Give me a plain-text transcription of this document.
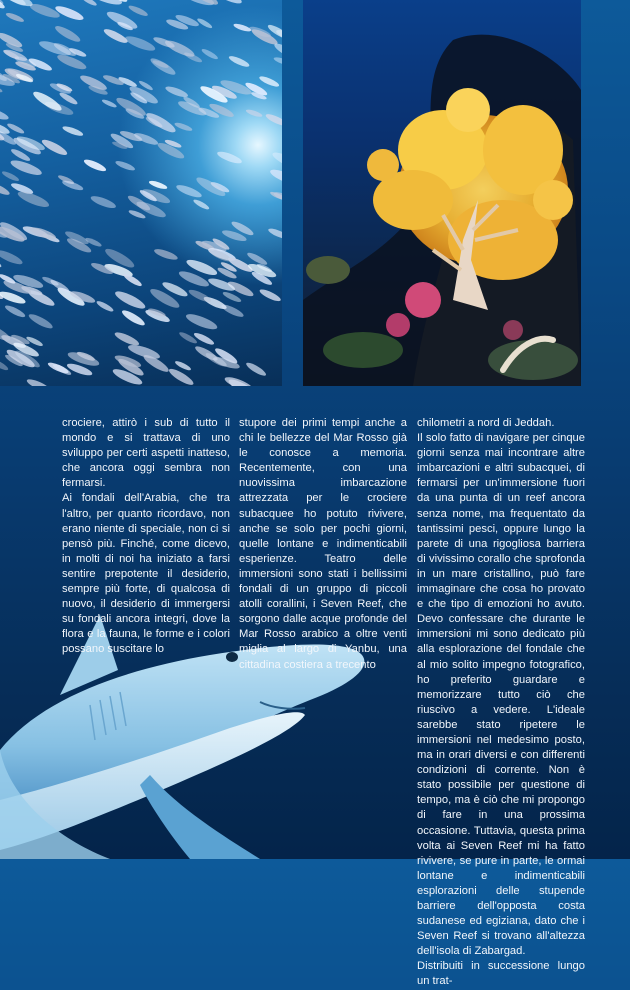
crociere, attirò i sub di tutto il mondo e si trattava di uno sviluppo per certi aspetti inatteso, che ancora oggi sembra non fermarsi.

Ai fondali dell'Arabia, che tra l'altro, per quanto ricordavo, non erano niente di speciale, non ci si pensò più. Finché, come dicevo, in molti di noi ha iniziato a farsi sentire prepotente il desiderio, sempre più forte, di qualcosa di nuovo, il desiderio di immergersi su fondali ancora integri, dove la flora e la fauna, le forme e i colori possano suscitare lo

stupore dei primi tempi anche a chi le bellezze del Mar Rosso già le conosce a memoria. Recentemente, con una nuovissima imbarcazione attrezzata per le crociere subacquee ho potuto rivivere, anche se solo per pochi giorni, quelle lontane e indimenticabili esperienze. Teatro delle immersioni sono stati i bellissimi fondali di un gruppo di piccoli atolli corallini, i Seven Reef, che sorgono dalle acque profonde del Mar Rosso arabico a oltre venti miglia al largo di Yanbu, una cittadina costiera a trecento

chilometri a nord di Jeddah.

Il solo fatto di navigare per cinque giorni senza mai incontrare altre imbarcazioni e altri subacquei, di fermarsi per un'immersione fuori da una punta di un reef ancora senza nome, ma frequentato da tantissimi pesci, oppure lungo la parete di una rigogliosa barriera di vivissimo corallo che sprofonda in un mare cristallino, può fare immaginare che cosa ho provato e che tipo di emozioni ho avuto. Devo confessare che durante le immersioni mi sono dedicato più alla esplorazione del fondale che al mio solito impegno fotografico, ho preferito guardare e memorizzare tutto ciò che riuscivo a vedere. L'ideale sarebbe stato ripetere le immersioni nel medesimo posto, ma in orari diversi e con differenti condizioni di corrente. Non è stato possibile per questione di tempo, ma è ciò che mi propongo di fare in una prossima occasione. Tuttavia, questa prima volta ai Seven Reef mi ha fatto rivivere, se pure in parte, le ormai lontane e indimenticabili esplorazioni delle stupende barriere dell'opposta costa sudanese ed egiziana, dato che i Seven Reef si trovano all'altezza dell'isola di Zabargad.

Distribuiti in successione lungo un trat-
